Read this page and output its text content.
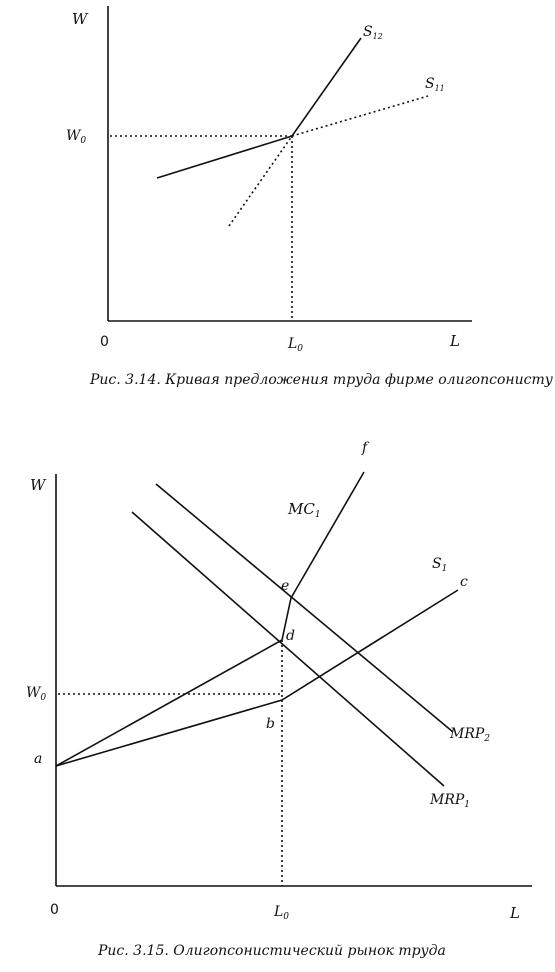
W
0	L
$W_0$
$L_0$
$S_{12}$
$S_{11}$
Рис. 3.14. Кривая предложения труда фирме олигопсонисту
W
0	L
$W_0$
$L_0$
a
b
c
d
e
f
$MC_1$
$S_1$
$MRP_2$
$MRP_1$
Рис. 3.15. Олигопсонистический рынок труда
